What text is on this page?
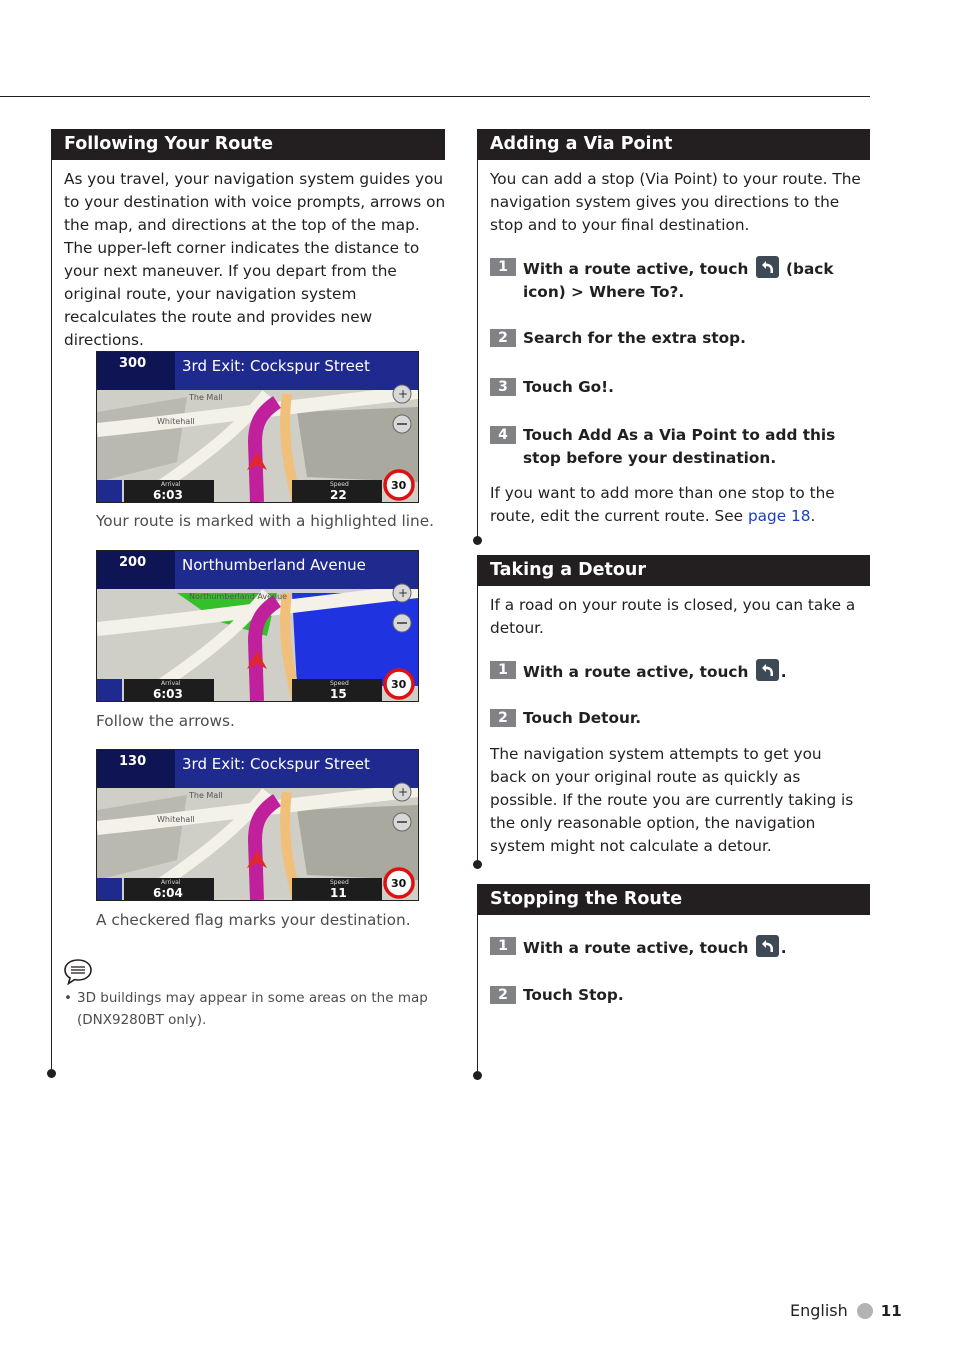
Following Your Route

As you travel, your navigation system guides you to your destination with voice prompts, arrows on the map, and directions at the top of the map. The upper-left corner indicates the distance to your next maneuver. If you depart from the original route, your navigation system recalculates the route and provides new directions.

The Mall
Whitehall
300 3rd Exit: Cockspur Street
+
Arrival
6:03
Speed
22
30
Your route is marked with a highlighted line.
Northumberland Avenue
200 Northumberland Avenue
+
Arrival
6:03
Speed
15
30
Follow the arrows.
The Mall
Whitehall
130 3rd Exit: Cockspur Street
+
Arrival
6:04
Speed
11
30
A checkered flag marks your destination.
• 3D buildings may appear in some areas on the map (DNX9280BT only).
Adding a Via Point

You can add a stop (Via Point) to your route. The navigation system gives you directions to the stop and to your final destination.

1 With a route active, touch (back icon) > Where To?.
2 Search for the extra stop.
3 Touch Go!.
4 Touch Add As a Via Point to add this stop before your destination.

If you want to add more than one stop to the route, edit the current route. See page 18.

Taking a Detour

If a road on your route is closed, you can take a detour.

1 With a route active, touch .
2 Touch Detour.

The navigation system attempts to get you back on your original route as quickly as possible. If the route you are currently taking is the only reasonable option, the navigation system might not calculate a detour.

Stopping the Route
1 With a route active, touch .
2 Touch Stop.
English 11
